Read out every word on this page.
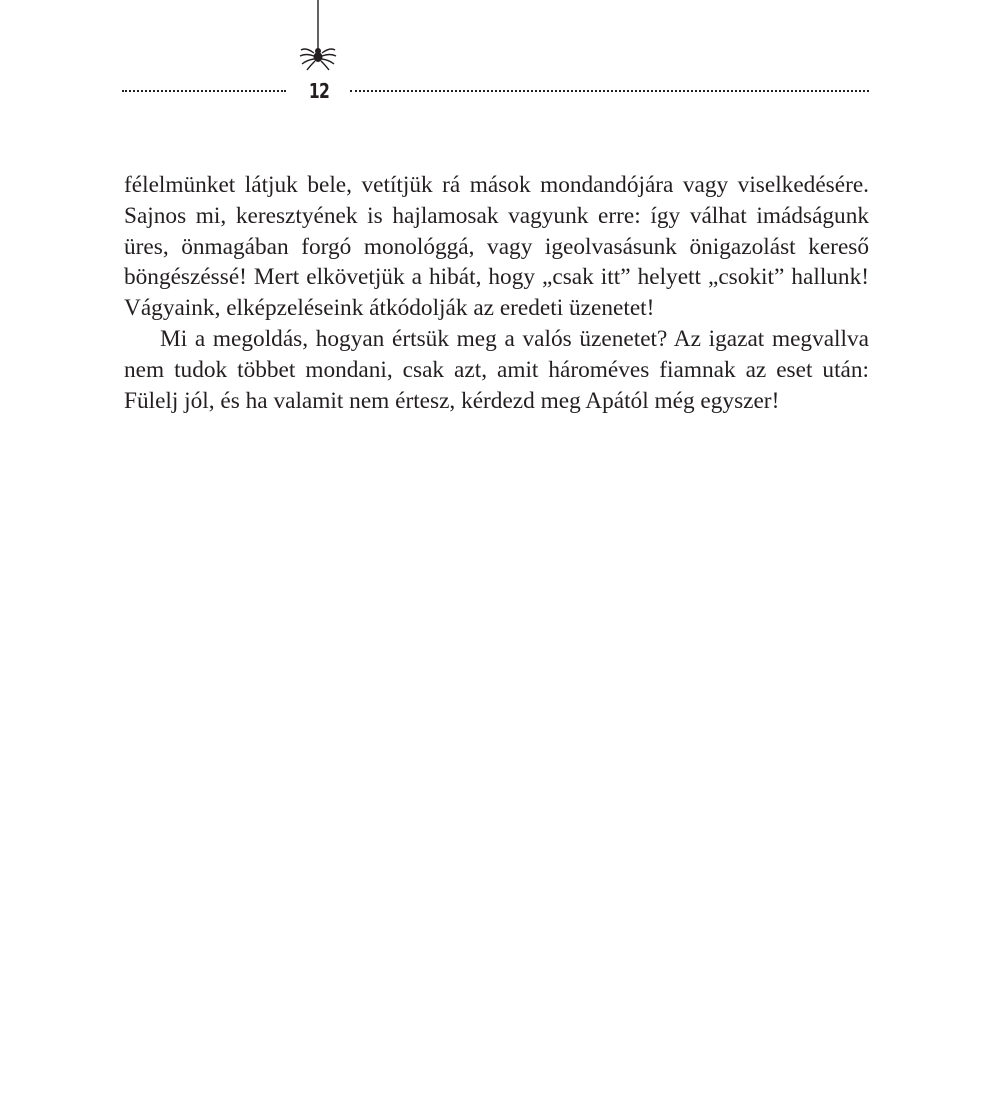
12

félelmünket látjuk bele, vetítjük rá mások mondandójára vagy viselkedésére. Sajnos mi, keresztyének is hajlamosak vagyunk erre: így válhat imádságunk üres, önmagában forgó monológgá, vagy igeolvasásunk önigazolást kereső böngészéssé! Mert elkövetjük a hibát, hogy „csak itt” helyett „csokit” hallunk! Vágyaink, elképzeléseink átkódolják az eredeti üzenetet!

Mi a megoldás, hogyan értsük meg a valós üzenetet? Az igazat megvallva nem tudok többet mondani, csak azt, amit hároméves fiamnak az eset után: Fülelj jól, és ha valamit nem értesz, kérdezd meg Apától még egyszer!
